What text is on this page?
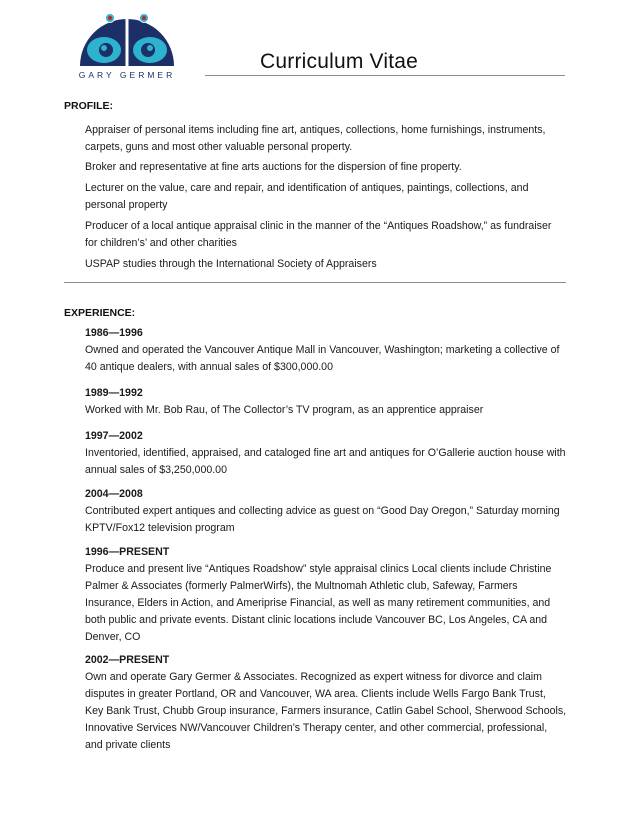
GARY GERMER
Curriculum Vitae
PROFILE:
Appraiser of personal items including fine art, antiques, collections, home furnishings, instruments, carpets, guns and most other valuable personal property.
Broker and representative at fine arts auctions for the dispersion of fine property.
Lecturer on the value, care and repair, and identification of antiques, paintings, collections, and personal property
Producer of a local antique appraisal clinic in the manner of the “Antiques Roadshow,” as fundraiser for children’s’ and other charities
USPAP studies through the International Society of Appraisers
EXPERIENCE:
1986—1996
Owned and operated the Vancouver Antique Mall in Vancouver, Washington; marketing a collective of 40 antique dealers, with annual sales of $300,000.00
1989—1992
Worked with Mr. Bob Rau, of The Collector’s TV program, as an apprentice appraiser
1997—2002
Inventoried, identified, appraised, and cataloged fine art and antiques for O’Gallerie auction house with annual sales of $3,250,000.00
2004—2008
Contributed expert antiques and collecting advice as guest on “Good Day Oregon,” Saturday morning KPTV/Fox12 television program
1996—PRESENT
Produce and present live “Antiques Roadshow” style appraisal clinics Local clients include Christine Palmer & Associates (formerly PalmerWirfs), the Multnomah Athletic club, Safeway, Farmers Insurance, Elders in Action, and Ameriprise Financial, as well as many retirement communities, and both public and private events. Distant clinic locations include Vancouver BC, Los Angeles, CA and Denver, CO
2002—PRESENT
Own and operate Gary Germer & Associates. Recognized as expert witness for divorce and claim disputes in greater Portland, OR and Vancouver, WA area. Clients include Wells Fargo Bank Trust, Key Bank Trust, Chubb Group insurance, Farmers insurance, Catlin Gabel School, Sherwood Schools, Innovative Services NW/Vancouver Children’s Therapy center, and other commercial, professional, and private clients
